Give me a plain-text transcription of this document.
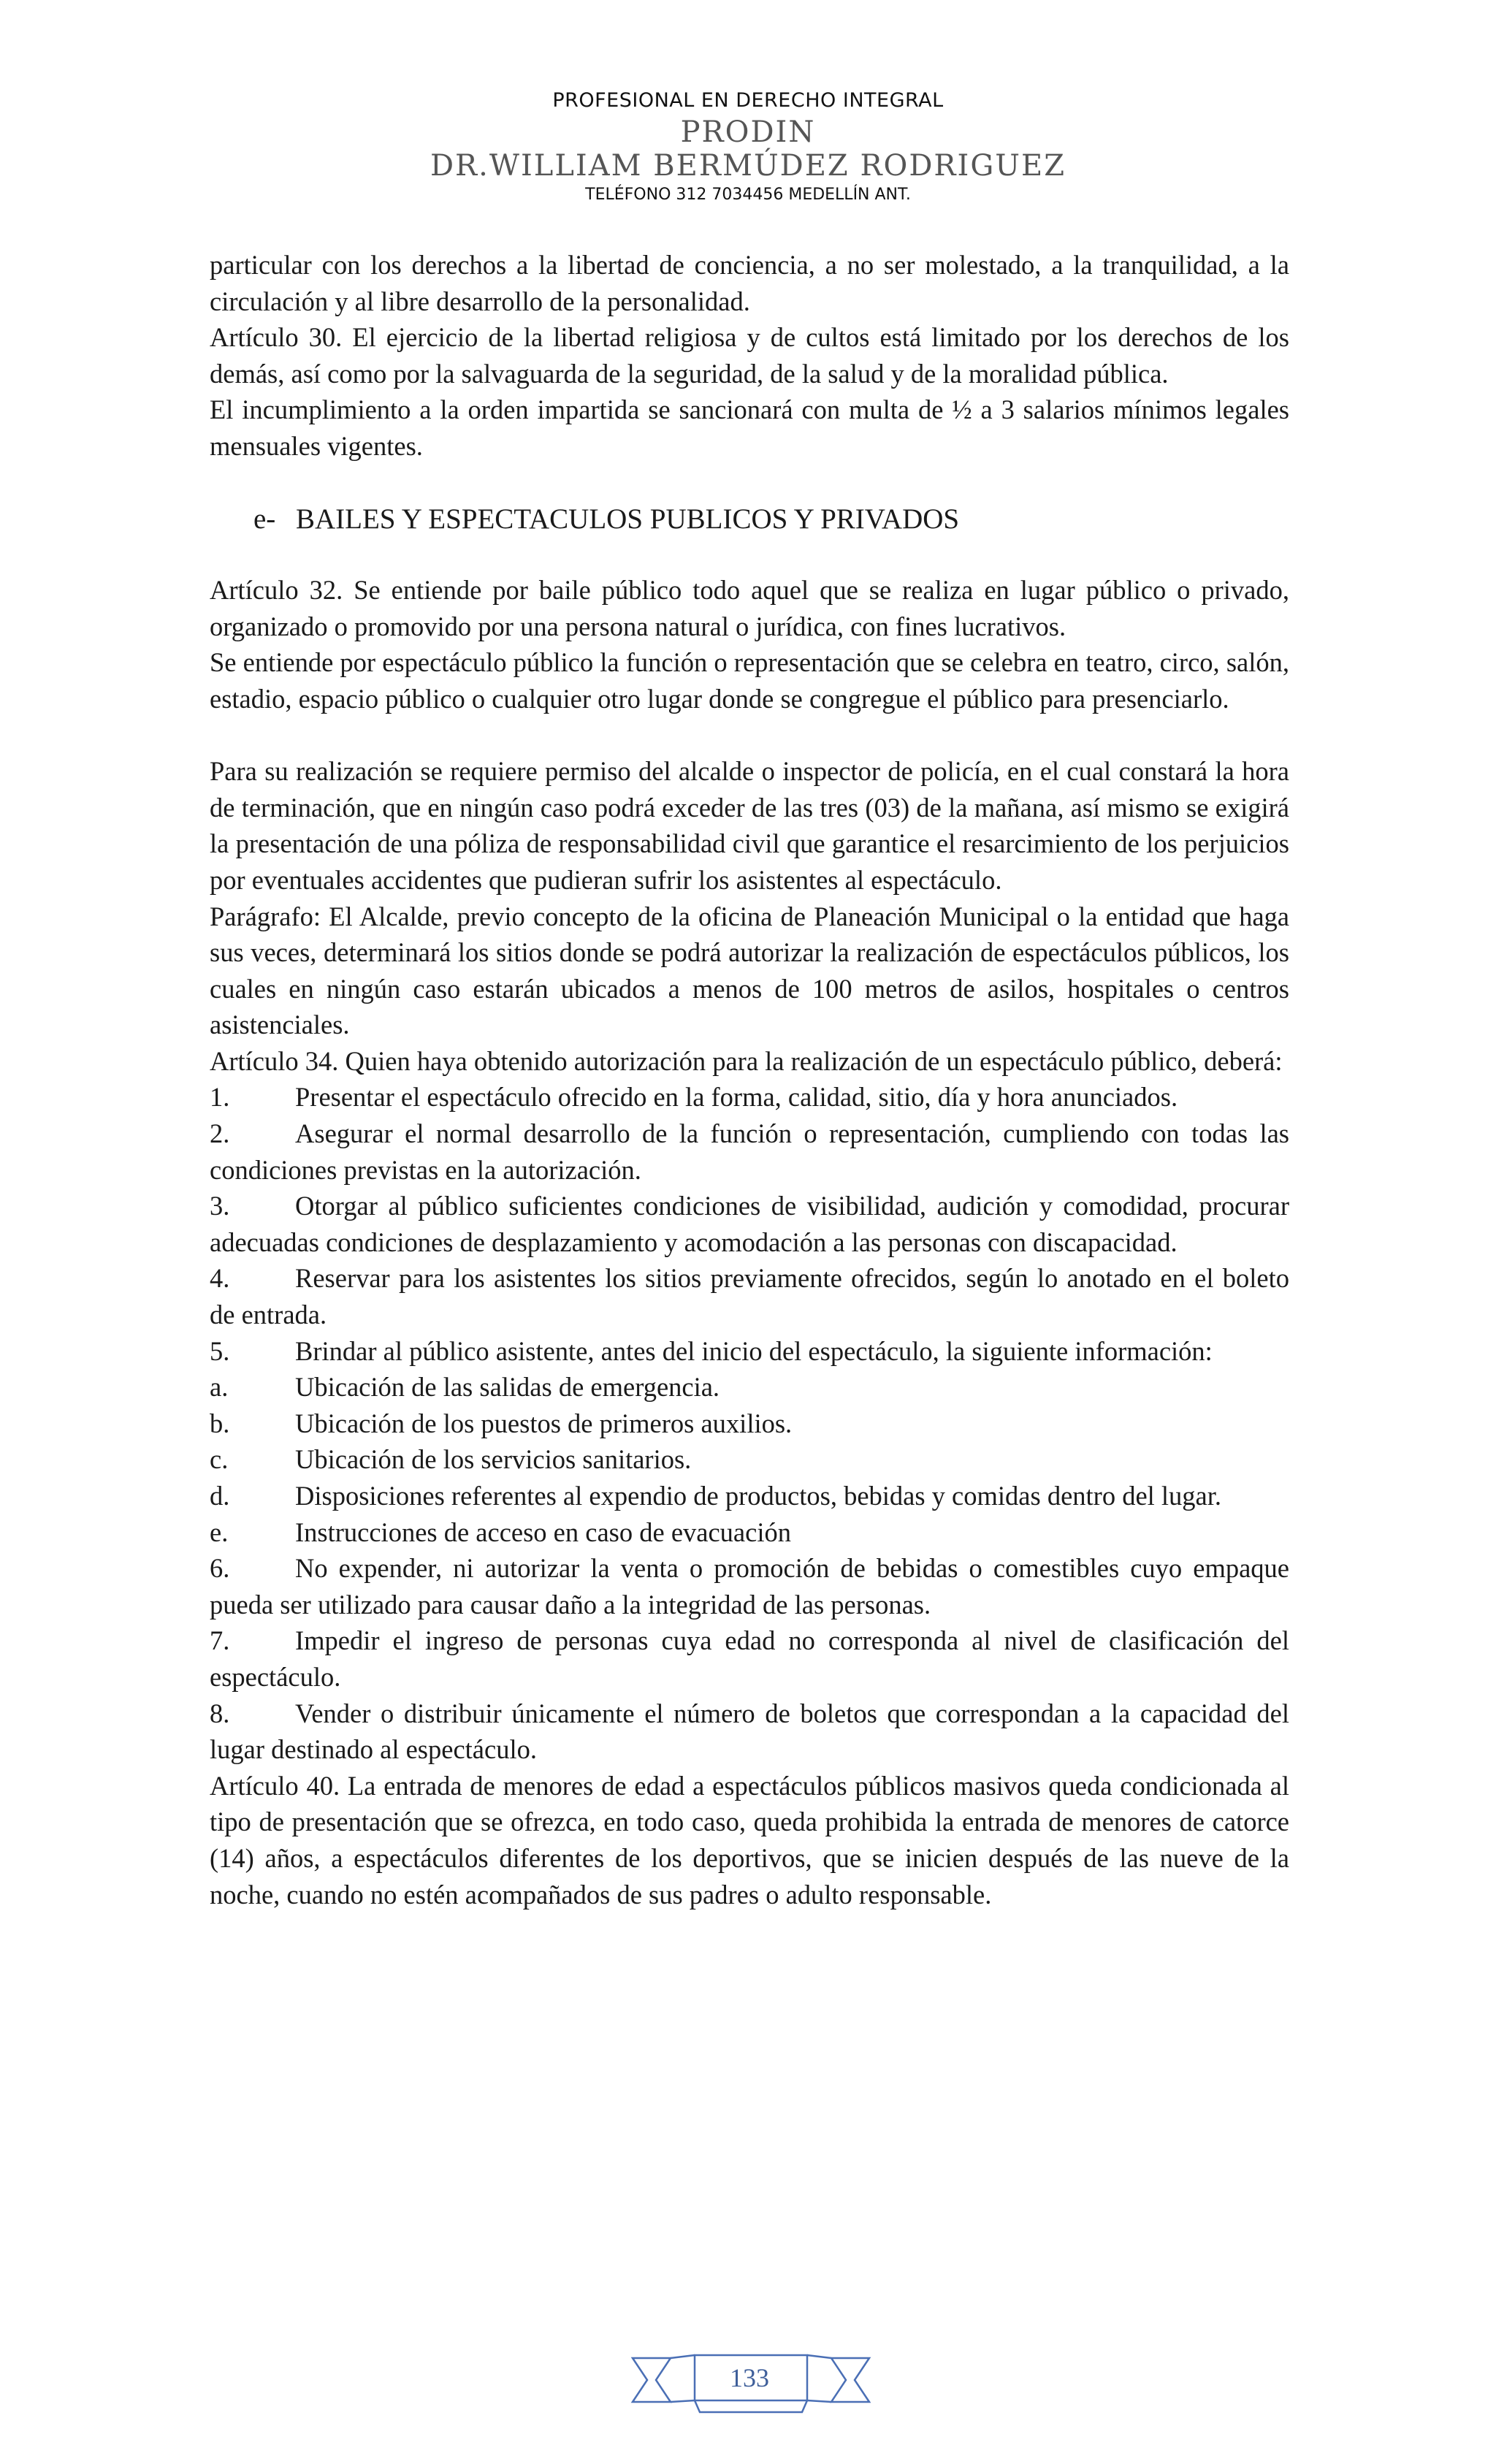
PROFESIONAL EN DERECHO INTEGRAL
PRODIN
DR.WILLIAM BERMÚDEZ RODRIGUEZ
TELÉFONO 312 7034456 MEDELLÍN ANT.

particular con los derechos a la libertad de conciencia, a no ser molestado, a la tranquilidad, a la circulación y al libre desarrollo de la personalidad.

Artículo 30. El ejercicio de la libertad religiosa y de cultos está limitado por los derechos de los demás, así como por la salvaguarda de la seguridad, de la salud y de la moralidad pública.

El incumplimiento a la orden impartida se sancionará con multa de ½ a 3 salarios mínimos legales mensuales vigentes.

e- BAILES Y ESPECTACULOS PUBLICOS Y PRIVADOS

Artículo 32. Se entiende por baile público todo aquel que se realiza en lugar público o privado, organizado o promovido por una persona natural o jurídica, con fines lucrativos.

Se entiende por espectáculo público la función o representación que se celebra en teatro, circo, salón, estadio, espacio público o cualquier otro lugar donde se congregue el público para presenciarlo.

Para su realización se requiere permiso del alcalde o inspector de policía, en el cual constará la hora de terminación, que en ningún caso podrá exceder de las tres (03) de la mañana, así mismo se exigirá la presentación de una póliza de responsabilidad civil que garantice el resarcimiento de los perjuicios por eventuales accidentes que pudieran sufrir los asistentes al espectáculo.

Parágrafo: El Alcalde, previo concepto de la oficina de Planeación Municipal o la entidad que haga sus veces, determinará los sitios donde se podrá autorizar la realización de espectáculos públicos, los cuales en ningún caso estarán ubicados a menos de 100 metros de asilos, hospitales o centros asistenciales.

Artículo 34. Quien haya obtenido autorización para la realización de un espectáculo público, deberá:

1. Presentar el espectáculo ofrecido en la forma, calidad, sitio, día y hora anunciados.

2. Asegurar el normal desarrollo de la función o representación, cumpliendo con todas las condiciones previstas en la autorización.

3. Otorgar al público suficientes condiciones de visibilidad, audición y comodidad, procurar adecuadas condiciones de desplazamiento y acomodación a las personas con discapacidad.

4. Reservar para los asistentes los sitios previamente ofrecidos, según lo anotado en el boleto de entrada.

5. Brindar al público asistente, antes del inicio del espectáculo, la siguiente información:

a.	Ubicación de las salidas de emergencia.

b. Ubicación de los puestos de primeros auxilios.

c.	Ubicación de los servicios sanitarios.

d. Disposiciones referentes al expendio de productos, bebidas y comidas dentro del lugar.

e.	Instrucciones de acceso en caso de evacuación

6. No expender, ni autorizar la venta o promoción de bebidas o comestibles cuyo empaque pueda ser utilizado para causar daño a la integridad de las personas.

7. Impedir el ingreso de personas cuya edad no corresponda al nivel de clasificación del espectáculo.

8. Vender o distribuir únicamente el número de boletos que correspondan a la capacidad del lugar destinado al espectáculo.

Artículo 40. La entrada de menores de edad a espectáculos públicos masivos queda condicionada al tipo de presentación que se ofrezca, en todo caso, queda prohibida la entrada de menores de catorce (14) años, a espectáculos diferentes de los deportivos, que se inicien después de las nueve de la noche, cuando no estén acompañados de sus padres o adulto responsable.

133
